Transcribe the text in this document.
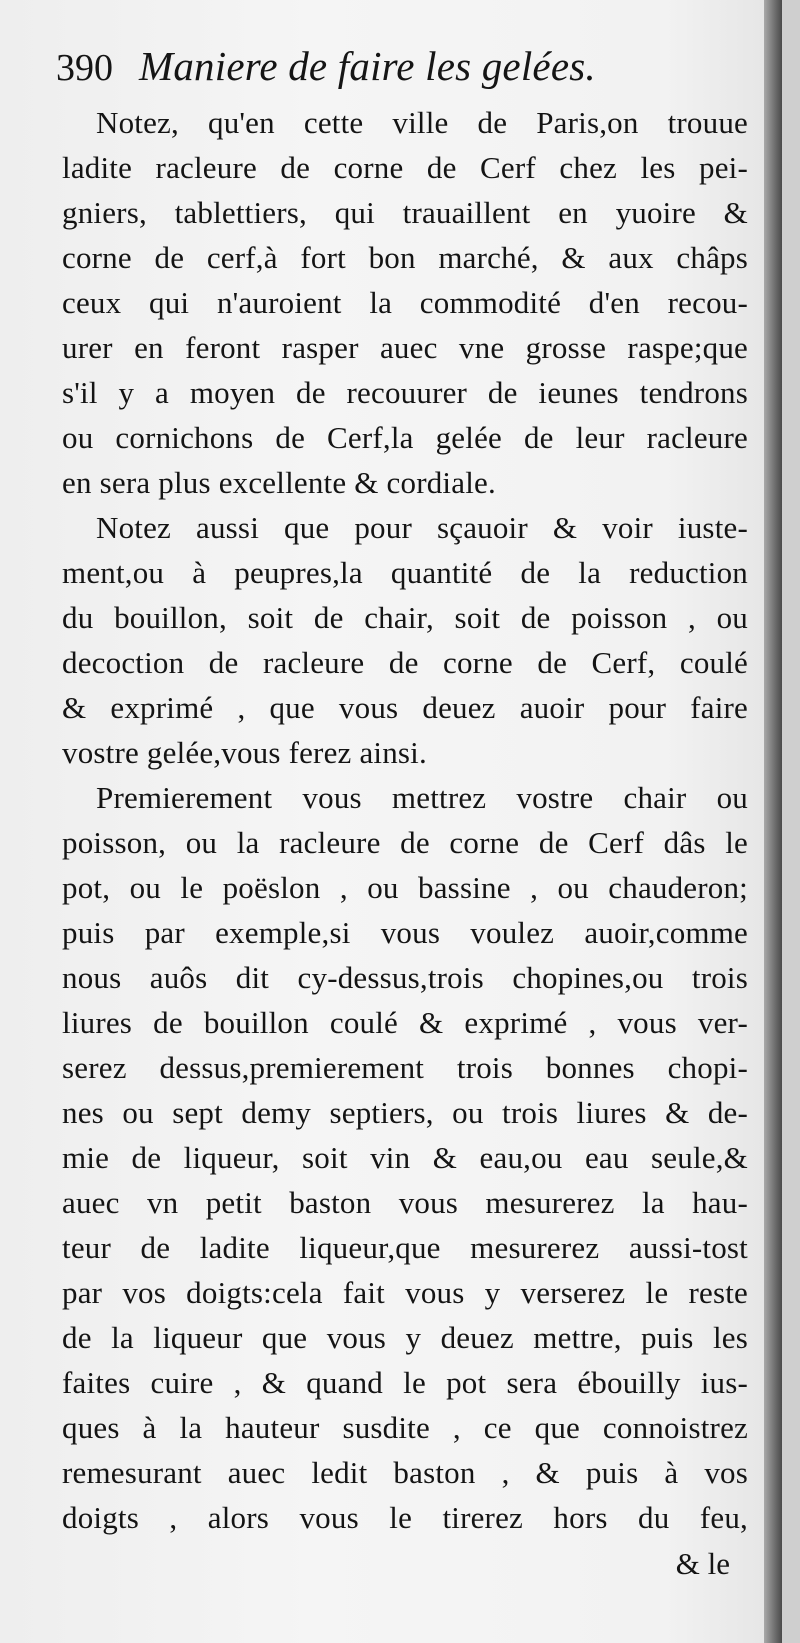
390 Maniere de faire les gelées.
Notez, qu'en cette ville de Paris,on trouue
ladite racleure de corne de Cerf chez les pei-
gniers, tablettiers, qui trauaillent en yuoire &
corne de cerf,à fort bon marché, & aux châps
ceux qui n'auroient la commodité d'en recou-
urer en feront rasper auec vne grosse raspe;que
s'il y a moyen de recouurer de ieunes tendrons
ou cornichons de Cerf,la gelée de leur racleure
en sera plus excellente & cordiale.
Notez aussi que pour sçauoir & voir iuste-
ment,ou à peupres,la quantité de la reduction
du bouillon, soit de chair, soit de poisson , ou
decoction de racleure de corne de Cerf, coulé
& exprimé , que vous deuez auoir pour faire
vostre gelée,vous ferez ainsi.
Premierement vous mettrez vostre chair ou
poisson, ou la racleure de corne de Cerf dâs le
pot, ou le poëslon , ou bassine , ou chauderon;
puis par exemple,si vous voulez auoir,comme
nous auôs dit cy-dessus,trois chopines,ou trois
liures de bouillon coulé & exprimé , vous ver-
serez dessus,premierement trois bonnes chopi-
nes ou sept demy septiers, ou trois liures & de-
mie de liqueur, soit vin & eau,ou eau seule,&
auec vn petit baston vous mesurerez la hau-
teur de ladite liqueur,que mesurerez aussi-tost
par vos doigts:cela fait vous y verserez le reste
de la liqueur que vous y deuez mettre, puis les
faites cuire , & quand le pot sera ébouilly ius-
ques à la hauteur susdite , ce que connoistrez
remesurant auec ledit baston , & puis à vos
doigts , alors vous le tirerez hors du feu,
& le
